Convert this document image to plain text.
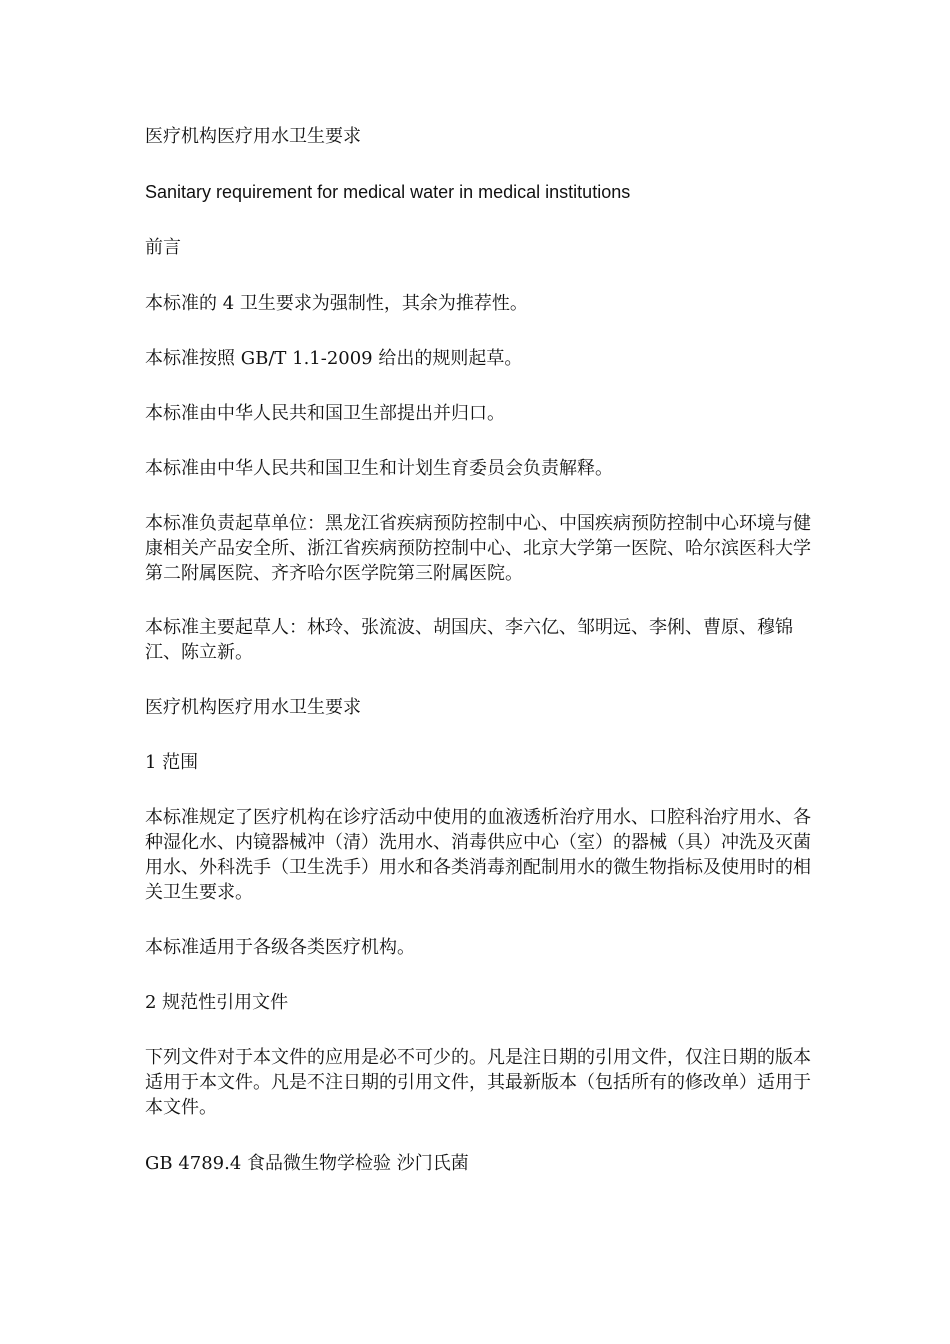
医疗机构医疗用水卫生要求

Sanitary requirement for medical water in medical institutions

前言

本标准的 4 卫生要求为强制性，其余为推荐性。

本标准按照 GB/T 1.1-2009 给出的规则起草。

本标准由中华人民共和国卫生部提出并归口。

本标准由中华人民共和国卫生和计划生育委员会负责解释。

本标准负责起草单位：黑龙江省疾病预防控制中心、中国疾病预防控制中心环境与健康相关产品安全所、浙江省疾病预防控制中心、北京大学第一医院、哈尔滨医科大学第二附属医院、齐齐哈尔医学院第三附属医院。

本标准主要起草人：林玲、张流波、胡国庆、李六亿、邹明远、李俐、曹原、穆锦江、陈立新。

医疗机构医疗用水卫生要求

1 范围

本标准规定了医疗机构在诊疗活动中使用的血液透析治疗用水、口腔科治疗用水、各种湿化水、内镜器械冲（清）洗用水、消毒供应中心（室）的器械（具）冲洗及灭菌用水、外科洗手（卫生洗手）用水和各类消毒剂配制用水的微生物指标及使用时的相关卫生要求。

本标准适用于各级各类医疗机构。

2 规范性引用文件

下列文件对于本文件的应用是必不可少的。凡是注日期的引用文件，仅注日期的版本适用于本文件。凡是不注日期的引用文件，其最新版本（包括所有的修改单）适用于本文件。

GB 4789.4 食品微生物学检验 沙门氏菌
